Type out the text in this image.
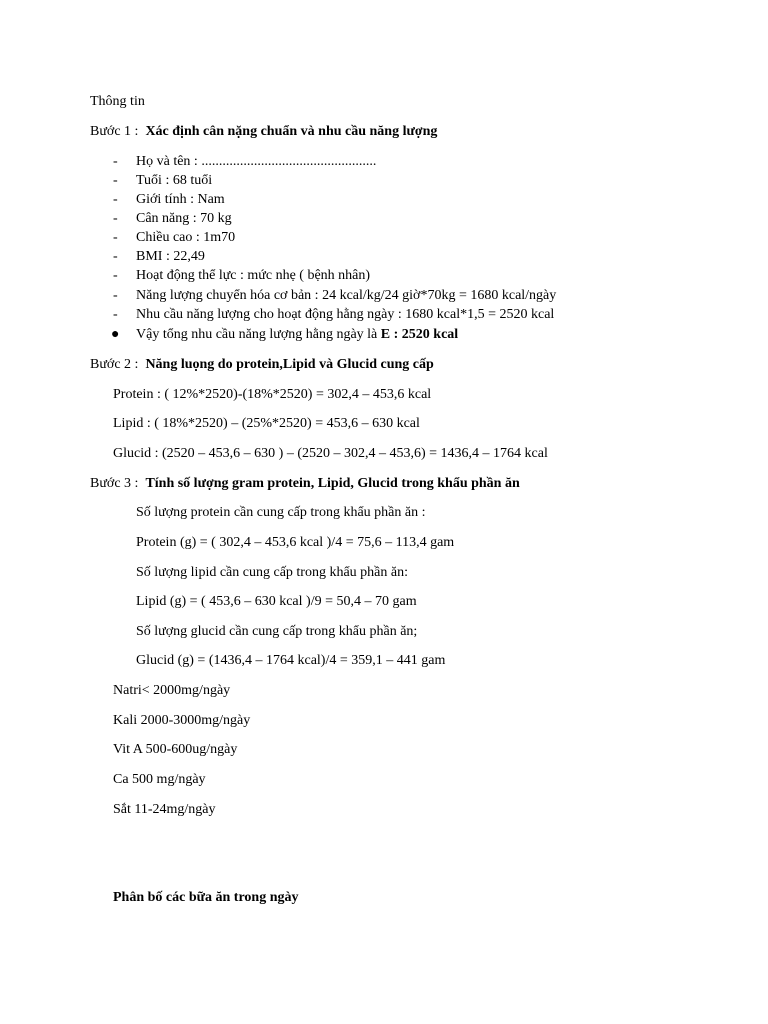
Thông tin
Bước 1 : Xác định cân nặng chuẩn và nhu cầu năng lượng
- Họ và tên : ..................................................
- Tuổi : 68 tuổi
- Giới tính : Nam
- Cân năng : 70 kg
- Chiều cao : 1m70
- BMI : 22,49
- Hoạt động thể lực : mức nhẹ ( bệnh nhân)
- Năng lượng chuyển hóa cơ bản : 24 kcal/kg/24 giờ*70kg = 1680 kcal/ngày
- Nhu cầu năng lượng cho hoạt động hằng ngày : 1680 kcal*1,5 = 2520 kcal
● Vậy tổng nhu cầu năng lượng hằng ngày là E : 2520 kcal
Bước 2 : Năng luọng do protein,Lipid và Glucid cung cấp
Protein : ( 12%*2520)-(18%*2520) = 302,4 – 453,6 kcal
Lipid : ( 18%*2520) – (25%*2520) = 453,6 – 630 kcal
Glucid : (2520 – 453,6 – 630 ) – (2520 – 302,4 – 453,6) = 1436,4 – 1764 kcal
Bước 3 : Tính số lượng gram protein, Lipid, Glucid trong khẩu phần ăn
Số lượng protein cần cung cấp trong khẩu phần ăn :
Protein (g) = ( 302,4 – 453,6 kcal )/4 = 75,6 – 113,4 gam
Số lượng lipid cần cung cấp trong khẩu phần ăn:
Lipid (g) = ( 453,6 – 630 kcal )/9 = 50,4 – 70 gam
Số lượng glucid cần cung cấp trong khẩu phần ăn;
Glucid (g) = (1436,4 – 1764 kcal)/4 = 359,1 – 441 gam
Natri< 2000mg/ngày
Kali 2000-3000mg/ngày
Vit A 500-600ug/ngày
Ca 500 mg/ngày
Sắt 11-24mg/ngày
Phân bố các bữa ăn trong ngày
